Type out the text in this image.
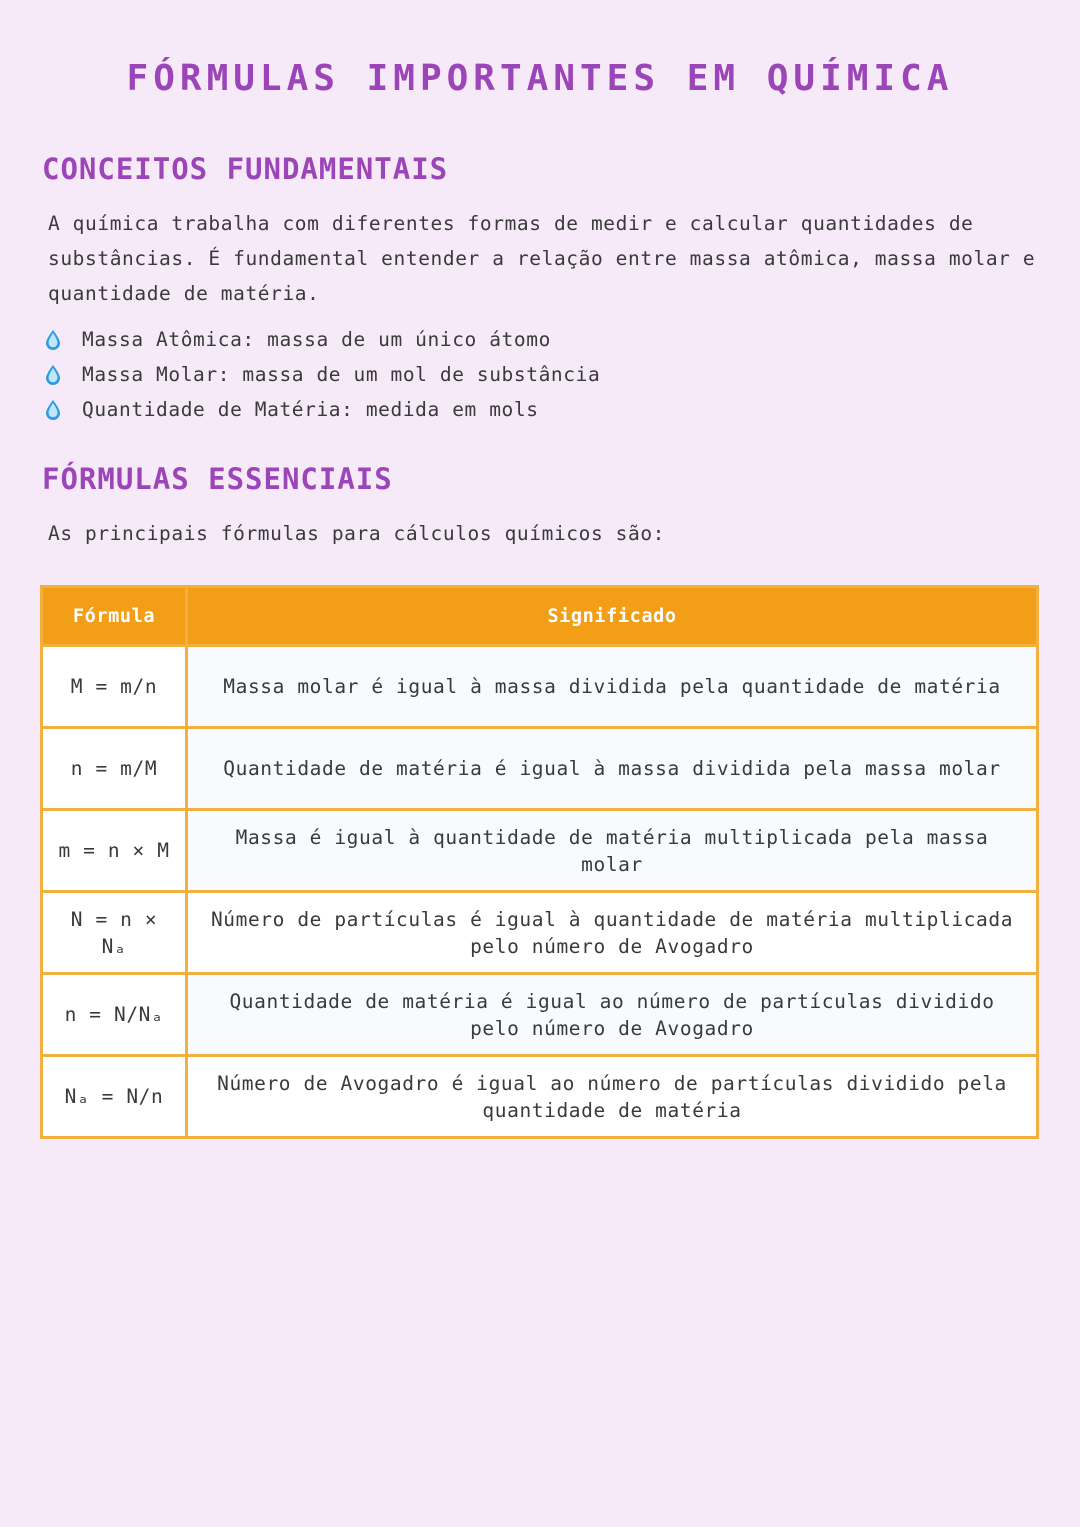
FÓRMULAS IMPORTANTES EM QUÍMICA
CONCEITOS FUNDAMENTAIS

A química trabalha com diferentes formas de medir e calcular quantidades de substâncias. É fundamental entender a relação entre massa atômica, massa molar e quantidade de matéria.

Massa Atômica: massa de um único átomo
Massa Molar: massa de um mol de substância
Quantidade de Matéria: medida em mols
FÓRMULAS ESSENCIAIS

As principais fórmulas para cálculos químicos são:

Fórmula	Significado
M = m/n	Massa molar é igual à massa dividida pela quantidade de matéria
n = m/M	Quantidade de matéria é igual à massa dividida pela massa molar
m = n × M	Massa é igual à quantidade de matéria multiplicada pela massa molar
N = n × Nₐ	Número de partículas é igual à quantidade de matéria multiplicada pelo número de Avogadro
n = N/Nₐ	Quantidade de matéria é igual ao número de partículas dividido pelo número de Avogadro
Nₐ = N/n	Número de Avogadro é igual ao número de partículas dividido pela quantidade de matéria
